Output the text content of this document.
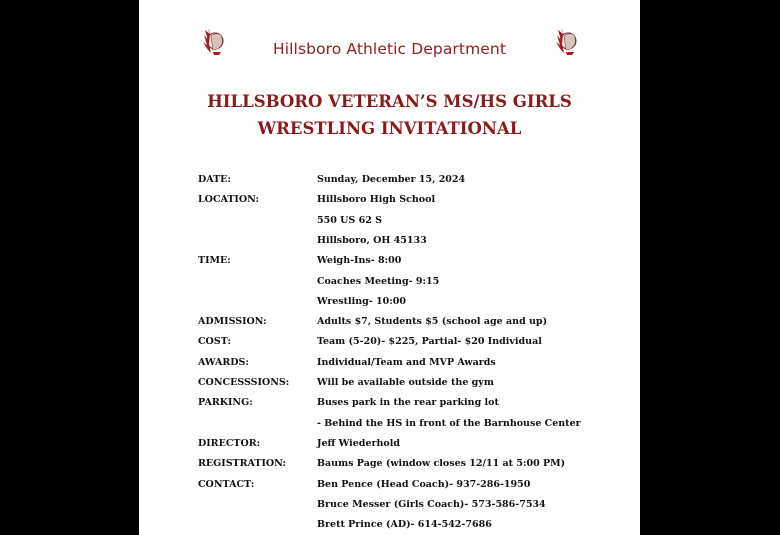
Hillsboro Athletic Department
HILLSBORO VETERAN’S MS/HS GIRLS
WRESTLING INVITATIONAL
DATE:	Sunday, December 15, 2024
LOCATION:	Hillsboro High School
550 US 62 S
Hillsboro, OH 45133
TIME:	Weigh-Ins- 8:00
Coaches Meeting- 9:15
Wrestling- 10:00
ADMISSION:	Adults $7, Students $5 (school age and up)
COST:	Team (5-20)- $225, Partial- $20 Individual
AWARDS:	Individual/Team and MVP Awards
CONCESSSIONS:	Will be available outside the gym
PARKING:	Buses park in the rear parking lot
- Behind the HS in front of the Barnhouse Center
DIRECTOR:	Jeff Wiederhold
REGISTRATION:	Baums Page (window closes 12/11 at 5:00 PM)
CONTACT:	Ben Pence (Head Coach)- 937-286-1950
Bruce Messer (Girls Coach)- 573-586-7534
Brett Prince (AD)- 614-542-7686
